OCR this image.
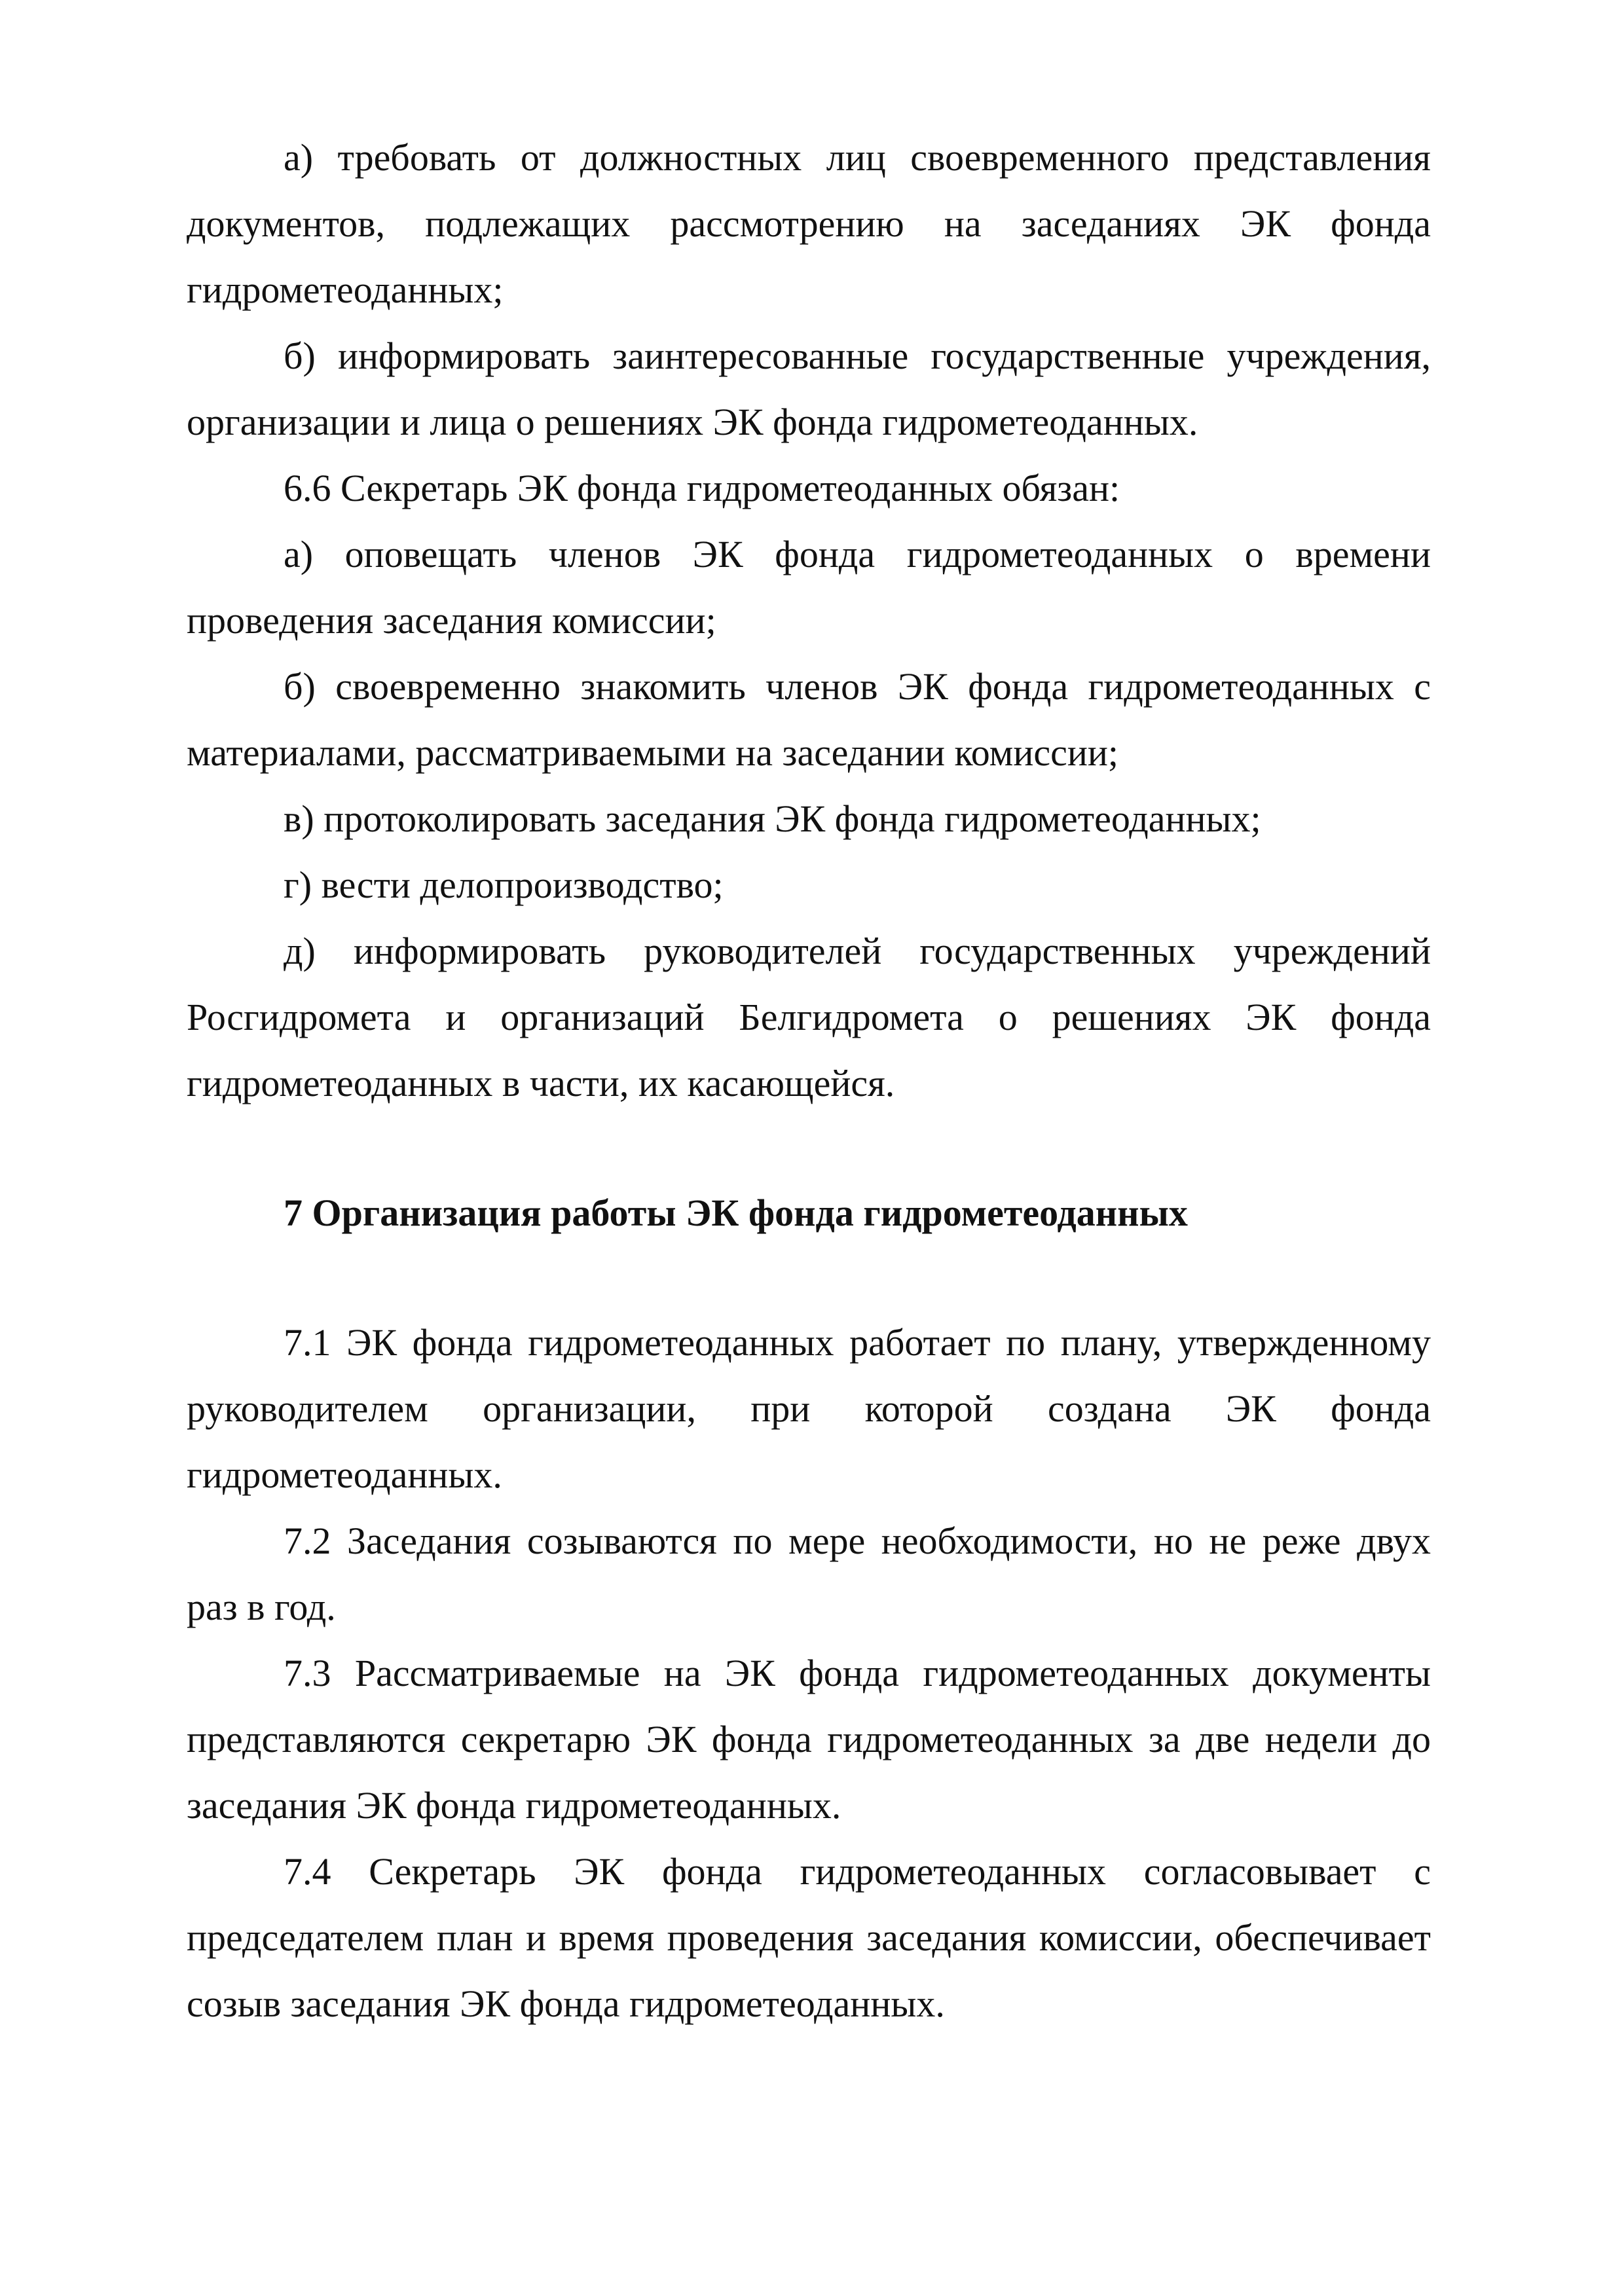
а) требовать от должностных лиц своевременного представления документов, подлежащих рассмотрению на заседаниях ЭК фонда гидрометеоданных;

б) информировать заинтересованные государственные учреждения, организации и лица о решениях ЭК фонда гидрометеоданных.

6.6 Секретарь ЭК фонда гидрометеоданных обязан:

а) оповещать членов ЭК фонда гидрометеоданных о времени проведения заседания комиссии;

б) своевременно знакомить членов ЭК фонда гидрометеоданных с материалами, рассматриваемыми на заседании комиссии;

в) протоколировать заседания ЭК фонда гидрометеоданных;

г) вести делопроизводство;

д) информировать руководителей государственных учреждений Росгидромета и организаций Белгидромета о решениях ЭК фонда гидрометеоданных в части, их касающейся.

7 Организация работы ЭК фонда гидрометеоданных

7.1 ЭК фонда гидрометеоданных работает по плану, утвержденному руководителем организации, при которой создана ЭК фонда гидрометеоданных.

7.2 Заседания созываются по мере необходимости, но не реже двух раз в год.

7.3 Рассматриваемые на ЭК фонда гидрометеоданных документы представляются секретарю ЭК фонда гидрометеоданных за две недели до заседания ЭК фонда гидрометеоданных.

7.4 Секретарь ЭК фонда гидрометеоданных согласовывает с председателем план и время проведения заседания комиссии, обеспечивает созыв заседания ЭК фонда гидрометеоданных.
